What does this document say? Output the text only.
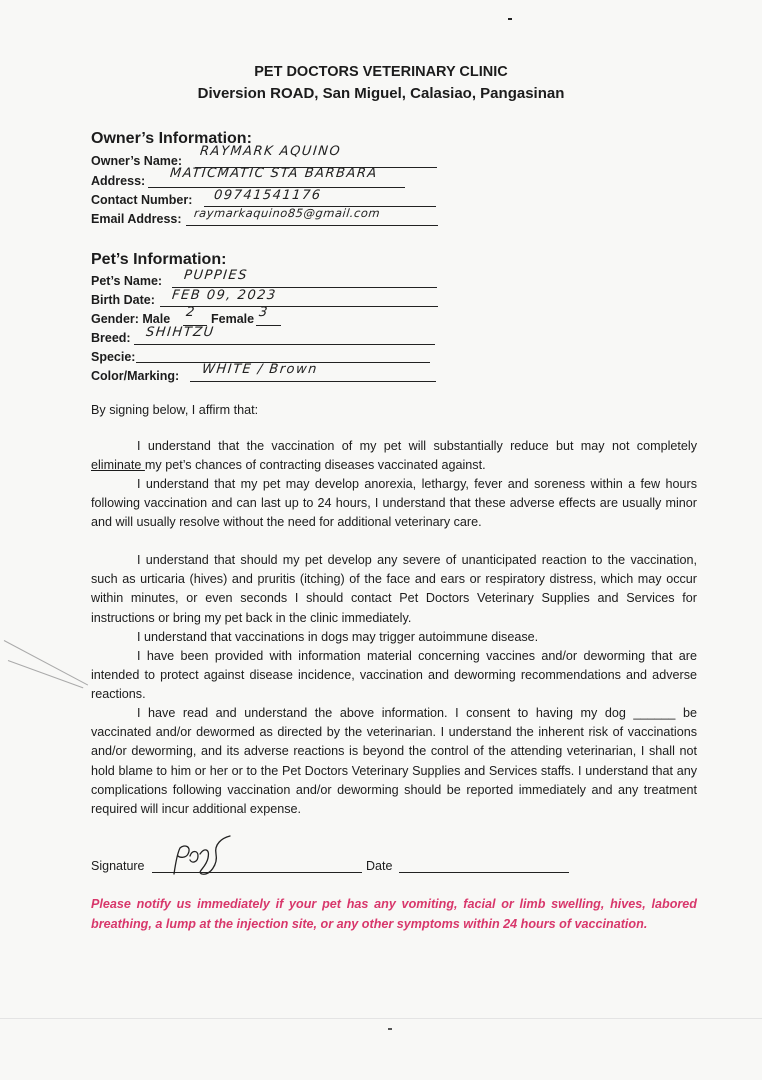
PET DOCTORS VETERINARY CLINIC
Diversion ROAD, San Miguel, Calasiao, Pangasinan
Owner’s Information:
Owner’s Name:
RAYMARK AQUINO
Address: MATICMATIC STA BARBARA
Contact Number: 09741541176
Email Address: raymarkaquino85@gmail.com
Pet’s Information:
Pet’s Name: PUPPIES
Birth Date: FEB 09, 2023
Gender: Male 2 Female 3
Breed: SHIHTZU
Specie:
Color/Marking: WHITE / Brown
By signing below, I affirm that:
I understand that the vaccination of my pet will substantially reduce but may not completely eliminate my pet’s chances of contracting diseases vaccinated against.
I understand that my pet may develop anorexia, lethargy, fever and soreness within a few hours following vaccination and can last up to 24 hours, I understand that these adverse effects are usually minor and will usually resolve without the need for additional veterinary care.
I understand that should my pet develop any severe of unanticipated reaction to the vaccination, such as urticaria (hives) and pruritis (itching) of the face and ears or respiratory distress, which may occur within minutes, or even seconds I should contact Pet Doctors Veterinary Supplies and Services for instructions or bring my pet back in the clinic immediately.
I understand that vaccinations in dogs may trigger autoimmune disease.
I have been provided with information material concerning vaccines and/or deworming that are intended to protect against disease incidence, vaccination and deworming recommendations and adverse reactions.
I have read and understand the above information. I consent to having my dog ______ be vaccinated and/or dewormed as directed by the veterinarian. I understand the inherent risk of vaccinations and/or deworming, and its adverse reactions is beyond the control of the attending veterinarian, I shall not hold blame to him or her or to the Pet Doctors Veterinary Supplies and Services staffs. I understand that any complications following vaccination and/or deworming should be reported immediately and any treatment required will incur additional expense.
Signature	Date
Please notify us immediately if your pet has any vomiting, facial or limb swelling, hives, labored breathing, a lump at the injection site, or any other symptoms within 24 hours of vaccination.
